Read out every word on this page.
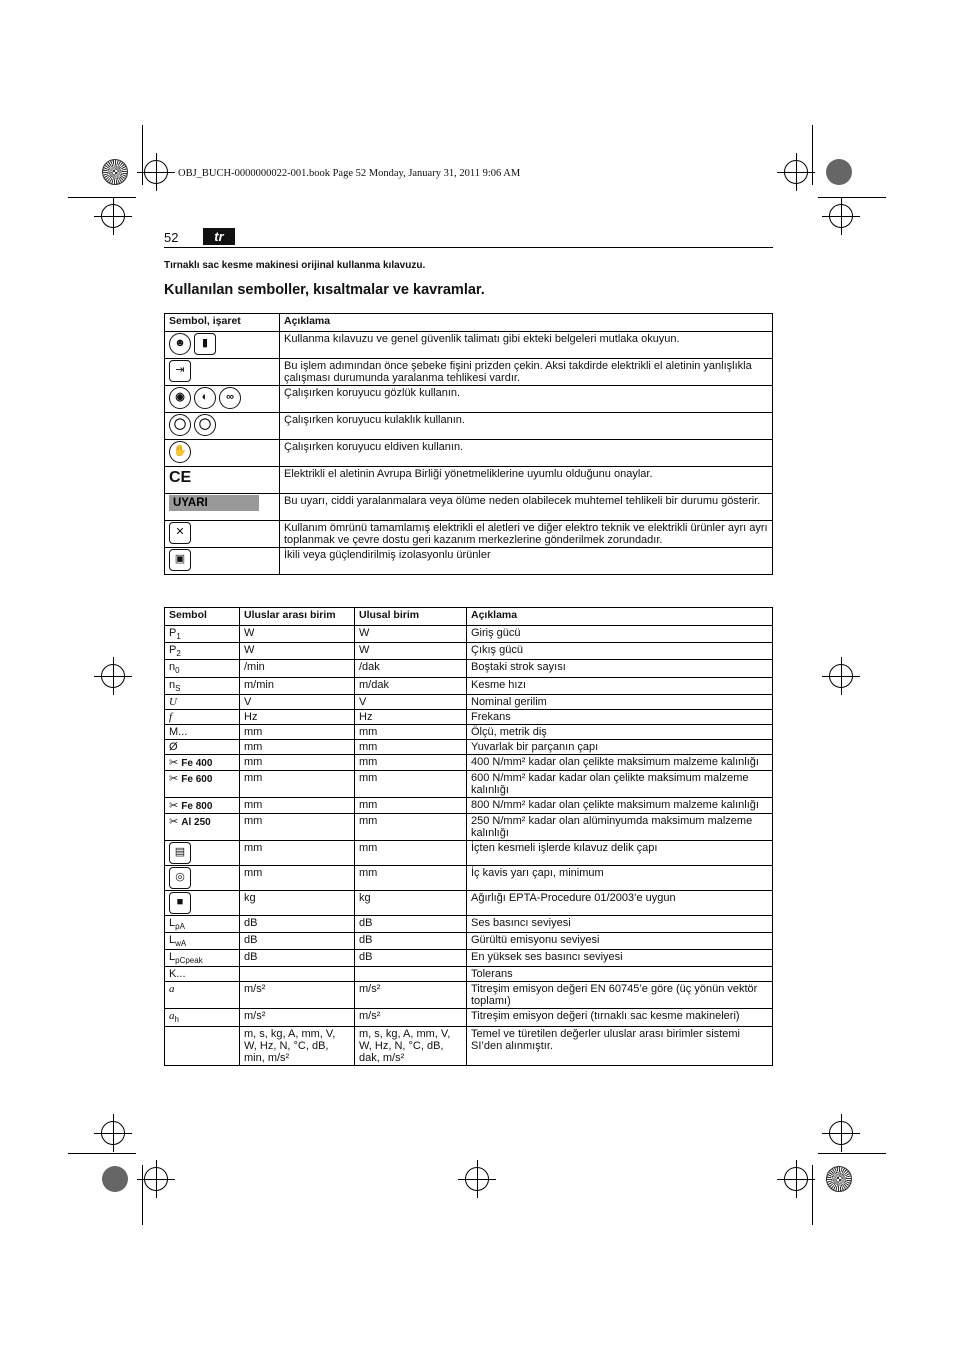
OBJ_BUCH-0000000022-001.book Page 52 Monday, January 31, 2011 9:06 AM
52	tr
Tırnaklı sac kesme makinesi orijinal kullanma kılavuzu.
Kullanılan semboller, kısaltmalar ve kavramlar.
Sembol, işaret	Açıklama
☻ ▮	Kullanma kılavuzu ve genel güvenlik talimatı gibi ekteki belgeleri mutlaka okuyun.
⇥	Bu işlem adımından önce şebeke fişini prizden çekin. Aksi takdirde elektrikli el aletinin yanlışlıkla çalışması durumunda yaralanma tehlikesi vardır.
◉ ◐ ∞	Çalışırken koruyucu gözlük kullanın.
◯ ◯	Çalışırken koruyucu kulaklık kullanın.
✋	Çalışırken koruyucu eldiven kullanın.
CE	Elektrikli el aletinin Avrupa Birliği yönetmeliklerine uyumlu olduğunu onaylar.
UYARI	Bu uyarı, ciddi yaralanmalara veya ölüme neden olabilecek muhtemel tehlikeli bir durumu gösterir.
✕	Kullanım ömrünü tamamlamış elektrikli el aletleri ve diğer elektro teknik ve elektrikli ürünler ayrı ayrı toplanmak ve çevre dostu geri kazanım merkezlerine gönderilmek zorundadır.
▣	İkili veya güçlendirilmiş izolasyonlu ürünler
Sembol	Uluslar arası birim	Ulusal birim	Açıklama
$P_1$	W	W	Giriş gücü
$P_2$	W	W	Çıkış gücü
$n_0$	/min	/dak	Boştaki strok sayısı
$n_S$	m/min	m/dak	Kesme hızı
U	V	V	Nominal gerilim
f	Hz	Hz	Frekans
M...	mm	mm	Ölçü, metrik diş
Ø	mm	mm	Yuvarlak bir parçanın çapı
✂ Fe 400	mm	mm	400 N/mm² kadar olan çelikte maksimum malzeme kalınlığı
✂ Fe 600	mm	mm	600 N/mm² kadar kadar olan çelikte maksimum malzeme kalınlığı
✂ Fe 800	mm	mm	800 N/mm² kadar olan çelikte maksimum malzeme kalınlığı
✂ Al 250	mm	mm	250 N/mm² kadar olan alüminyumda maksimum malzeme kalınlığı
▤	mm	mm	İçten kesmeli işlerde kılavuz delik çapı
◎	mm	mm	İç kavis yarı çapı, minimum
■	kg	kg	Ağırlığı EPTA-Procedure 01/2003’e uygun
$L_{pA}$	dB	dB	Ses basıncı seviyesi
$L_{wA}$	dB	dB	Gürültü emisyonu seviyesi
$L_{pCpeak}$	dB	dB	En yüksek ses basıncı seviyesi
K...			Tolerans
a	m/s²	m/s²	Titreşim emisyon değeri EN 60745’e göre (üç yönün vektör toplamı)
$a_h$	m/s²	m/s²	Titreşim emisyon değeri (tırnaklı sac kesme makineleri)
	m, s, kg, A, mm, V, W, Hz, N, °C, dB, min, m/s²	m, s, kg, A, mm, V, W, Hz, N, °C, dB, dak, m/s²	Temel ve türetilen değerler uluslar arası birimler sistemi SI’den alınmıştır.
